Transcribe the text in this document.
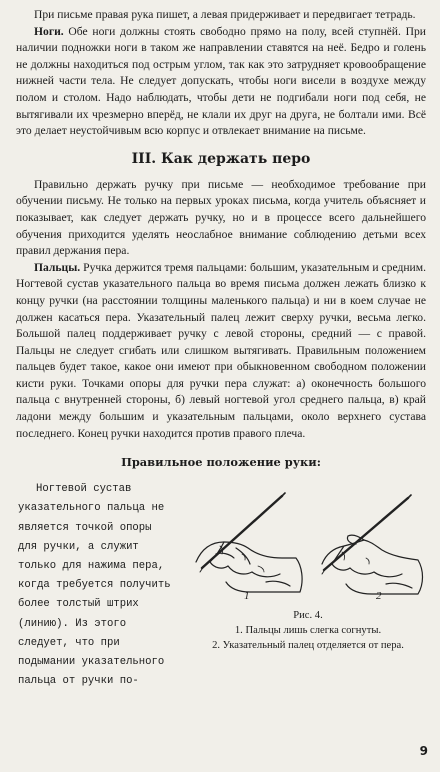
При письме правая рука пишет, а левая придерживает и передвигает тетрадь.

Ноги. Обе ноги должны стоять свободно прямо на полу, всей ступнёй. При наличии подножки ноги в таком же направлении ставятся на неё. Бедро и голень не должны находиться под острым углом, так как это затрудняет кровообращение нижней части тела. Не следует допускать, чтобы ноги висели в воздухе между полом и столом. Надо наблюдать, чтобы дети не подгибали ноги под себя, не вытягивали их чрезмерно вперёд, не клали их друг на друга, не болтали ими. Всё это делает неустойчивым всю корпус и отвлекает внимание на письме.

III. Как держать перо

Правильно держать ручку при письме — необходимое требование при обучении письму. Не только на первых уроках письма, когда учитель объясняет и показывает, как следует держать ручку, но и в процессе всего дальнейшего обучения приходится уделять неослабное внимание соблюдению детьми всех правил держания пера.

Пальцы. Ручка держится тремя пальцами: большим, указательным и средним. Ногтевой сустав указательного пальца во время письма должен лежать близко к концу ручки (на расстоянии толщины маленького пальца) и ни в коем случае не должен касаться пера. Указательный палец лежит сверху ручки, весьма легко. Большой палец поддерживает ручку с левой стороны, средний — с правой. Пальцы не следует сгибать или слишком вытягивать. Правильным положением пальцев будет такое, какое они имеют при обыкновенном свободном положении кисти руки. Точками опоры для ручки пера служат: а) оконечность большого пальца с внутренней стороны, б) левый ногтевой угол среднего пальца, в) край ладони между большим и указательным пальцами, около верхнего сустава последнего. Конец ручки находится против правого плеча.

Правильное положение руки:

Ногтевой сустав указательного пальца не является точкой опоры для ручки, а служит только для нажима пера, когда требуется получить более толстый штрих (линию). Из этого следует, что при подымании указательного пальца от ручки по-

1	2
Рис. 4.
1. Пальцы лишь слегка согнуты.
2. Указательный палец отделяется от пера.
9
